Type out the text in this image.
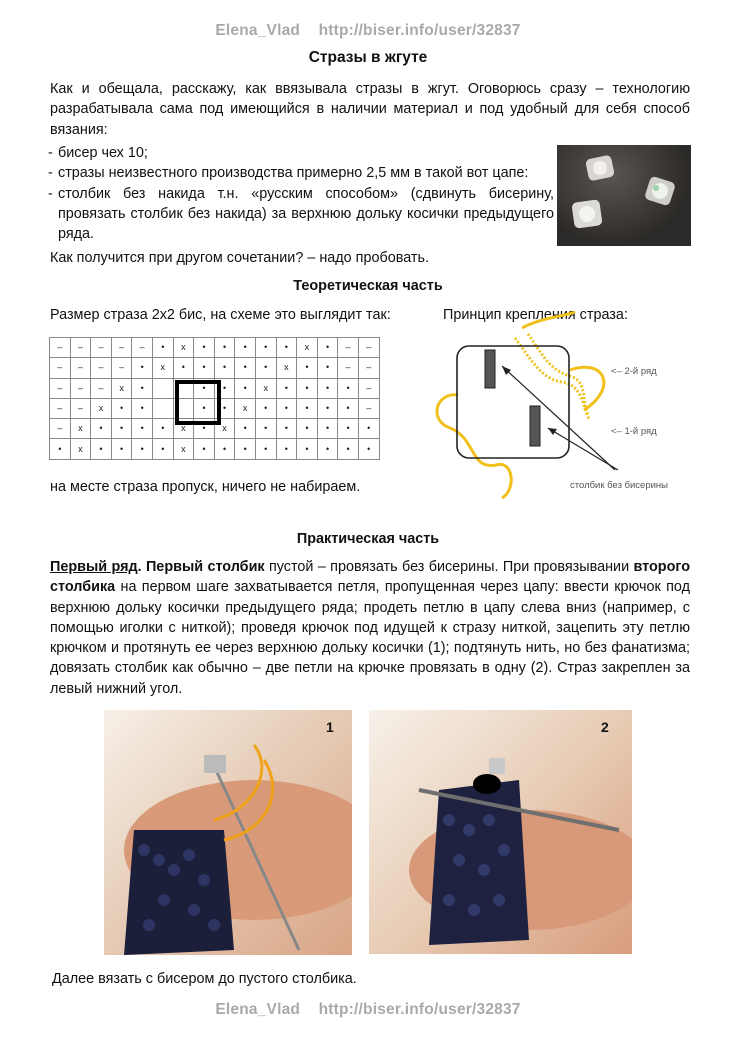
Elena_Vlad http://biser.info/user/32837
Стразы в жгуте
Как и обещала, расскажу, как ввязывала стразы в жгут. Оговорюсь сразу – технологию разрабатывала сама под имеющийся в наличии материал и под удобный для себя способ вязания:
- бисер чех 10;
- стразы неизвестного производства примерно 2,5 мм в такой вот цапе:
- столбик без накида т.н. «русским способом» (сдвинуть бисерину, провязать столбик без накида) за верхнюю дольку косички предыдущего ряда.
Как получится при другом сочетании? – надо пробовать.
Теоретическая часть
Размер страза 2х2 бис, на схеме это выглядит так:	Принцип крепления страза:
–	–	–	–	–	•	x	•	•	•	•	•	x	•	–	–
–	–	–	–	•	x	•	•	•	•	•	x	•	•	–	–
–	–	–	x	•			•	•	•	x	•	•	•	•	–
–	–	x	•	•			•	•	x	•	•	•	•	•	–
–	x	•	•	•	•	x	•	x	•	•	•	•	•	•	•
•	x	•	•	•	•	x	•	•	•	•	•	•	•	•	•
на месте страза пропуск, ничего не набираем.
<– 2-й ряд
<– 1-й ряд
столбик без бисерины
Практическая часть
Первый ряд. Первый столбик пустой – провязать без бисерины. При провязывании второго столбика на первом шаге захватывается петля, пропущенная через цапу: ввести крючок под верхнюю дольку косички предыдущего ряда; продеть петлю в цапу слева вниз (например, с помощью иголки с ниткой); проведя крючок под идущей к стразу ниткой, зацепить эту петлю крючком и протянуть ее через верхнюю дольку косички (1); подтянуть нить, но без фанатизма; довязать столбик как обычно – две петли на крючке провязать в одну (2). Страз закреплен за левый нижний угол.
1	2
Далее вязать с бисером до пустого столбика.
Elena_Vlad http://biser.info/user/32837
